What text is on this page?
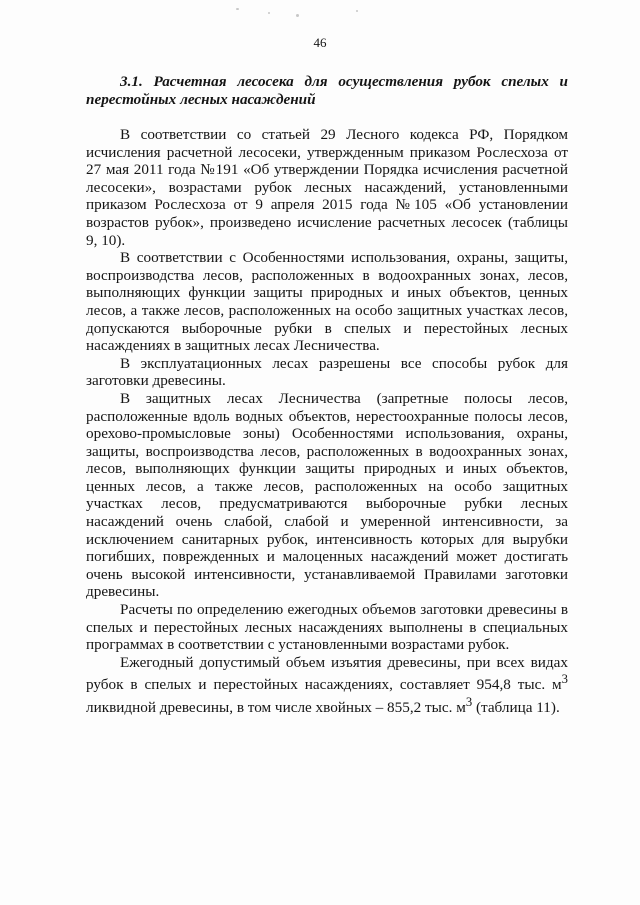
46
3.1. Расчетная лесосека для осуществления рубок спелых и перестойных лесных насаждений

В соответствии со статьей 29 Лесного кодекса РФ, Порядком исчисления расчетной лесосеки, утвержденным приказом Рослесхоза от 27 мая 2011 года №191 «Об утверждении Порядка исчисления расчетной лесосеки», возрастами рубок лесных насаждений, установленными приказом Рослесхоза от 9 апреля 2015 года №105 «Об установлении возрастов рубок», произведено исчисление расчетных лесосек (таблицы 9, 10).

В соответствии с Особенностями использования, охраны, защиты, воспроизводства лесов, расположенных в водоохранных зонах, лесов, выполняющих функции защиты природных и иных объектов, ценных лесов, а также лесов, расположенных на особо защитных участках лесов, допускаются выборочные рубки в спелых и перестойных лесных насаждениях в защитных лесах Лесничества.

В эксплуатационных лесах разрешены все способы рубок для заготовки древесины.

В защитных лесах Лесничества (запретные полосы лесов, расположенные вдоль водных объектов, нерестоохранные полосы лесов, орехово-промысловые зоны) Особенностями использования, охраны, защиты, воспроизводства лесов, расположенных в водоохранных зонах, лесов, выполняющих функции защиты природных и иных объектов, ценных лесов, а также лесов, расположенных на особо защитных участках лесов, предусматриваются выборочные рубки лесных насаждений очень слабой, слабой и умеренной интенсивности, за исключением санитарных рубок, интенсивность которых для вырубки погибших, поврежденных и малоценных насаждений может достигать очень высокой интенсивности, устанавливаемой Правилами заготовки древесины.

Расчеты по определению ежегодных объемов заготовки древесины в спелых и перестойных лесных насаждениях выполнены в специальных программах в соответствии с установленными возрастами рубок.

Ежегодный допустимый объем изъятия древесины, при всех видах рубок в спелых и перестойных насаждениях, составляет 954,8 тыс. $м^3$ ликвидной древесины, в том числе хвойных – 855,2 тыс. $м^3$ (таблица 11).
